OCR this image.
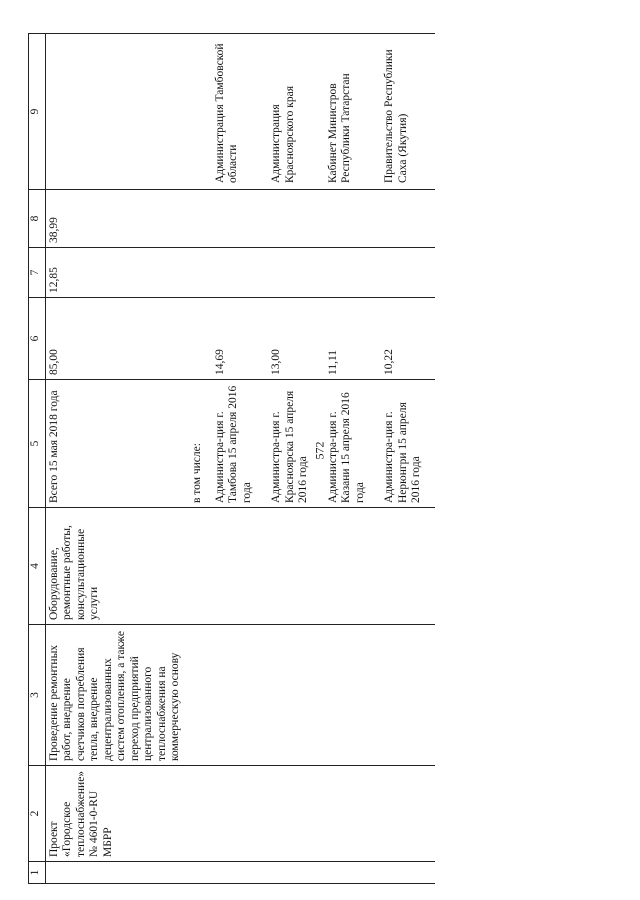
572
1	2	3	4	5	6	7	8	9
	Проект «Городское теплоснабжение» № 4601-0-RU МБРР	Проведение ремонтных работ, внедрение счетчиков потребления тепла, внедрение децентрализованных систем отопления, а также переход предприятий централизованного теплоснабжения на коммерческую основу	Оборудование, ремонтные работы, консультационные услуги	Всего 15 мая 2018 года	85,00	12,85	38,99	
				в том числе:				
				Администра-ция г. Тамбова 15 апреля 2016 года	14,69			Администрация Тамбовской области
				Администра-ция г. Красноярска 15 апреля 2016 года	13,00			Администрация Красноярского края
				Администра-ция г. Казани 15 апреля 2016 года	11,11			Кабинет Министров Республики Татарстан
				Администра-ция г. Нерюнгри 15 апреля 2016 года	10,22			Правительство Республики Саха (Якутия)
